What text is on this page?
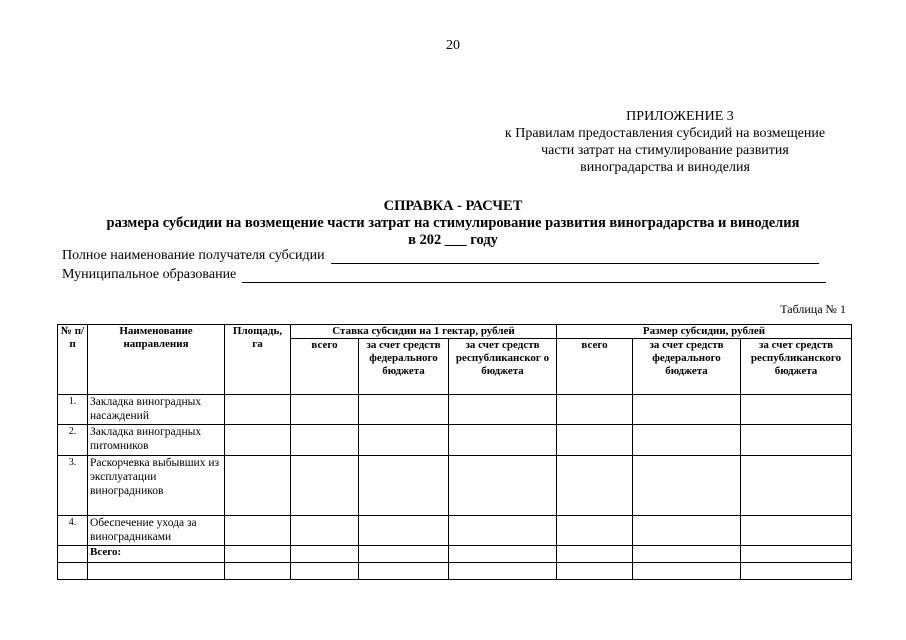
20
ПРИЛОЖЕНИЕ 3
к Правилам предоставления субсидий на возмещение
части затрат на стимулирование развития
виноградарства и виноделия
СПРАВКА - РАСЧЕТ
размера субсидии на возмещение части затрат на стимулирование развития виноградарства и виноделия
в 202 ___ году
Полное наименование получателя субсидии
Муниципальное образование
Таблица № 1
№ п/п	Наименование направления	Площадь, га	Ставка субсидии на 1 гектар, рублей			Размер субсидии, рублей		
			всего	за счет средств федерального бюджета	за счет средств республиканског о бюджета	всего	за счет средств федерального бюджета	за счет средств республиканского бюджета
1.	Закладка виноградных насаждений							
2.	Закладка виноградных питомников							
3.	Раскорчевка выбывших из эксплуатации виноградников							
4.	Обеспечение ухода за виноградниками							
	Всего:							
